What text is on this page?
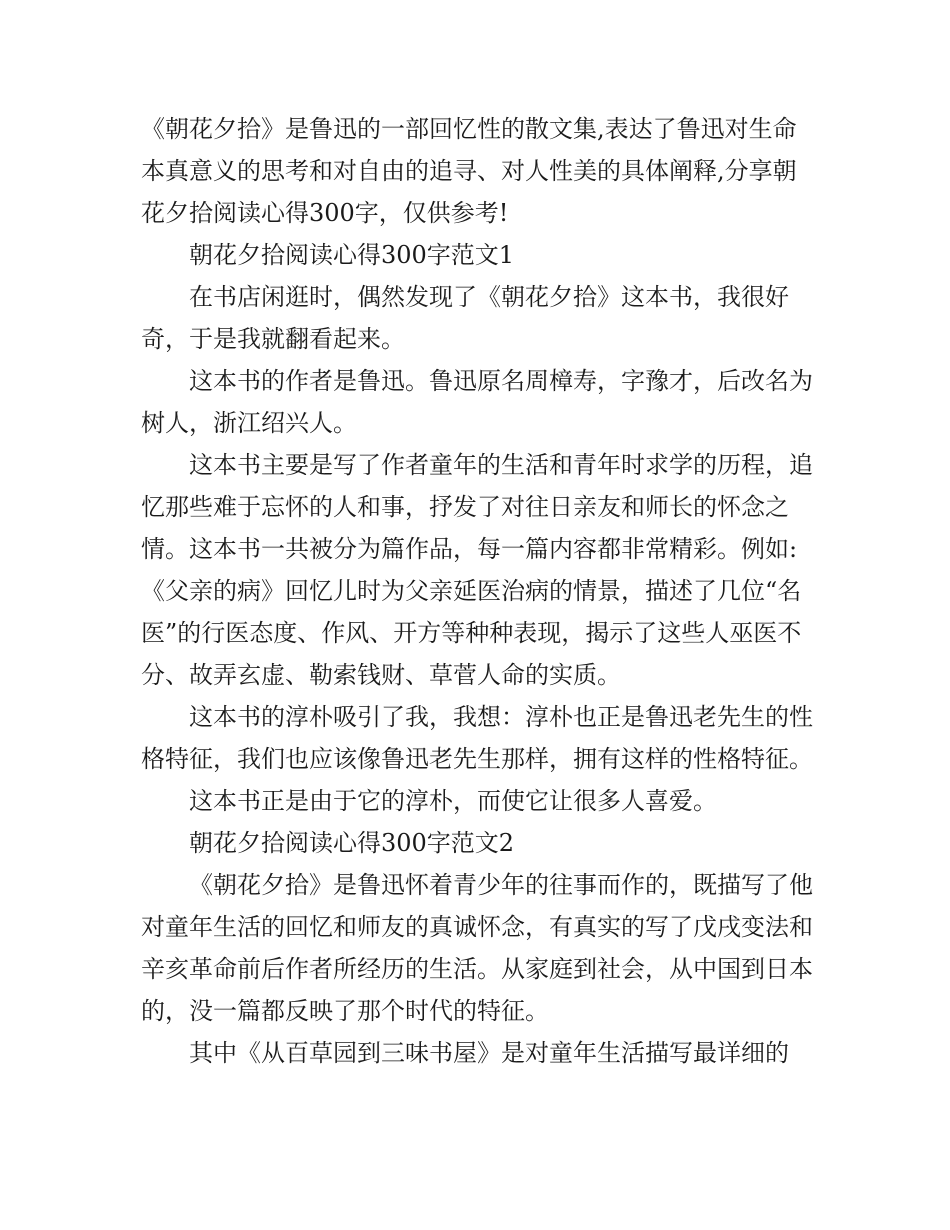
《朝花夕拾》是鲁迅的一部回忆性的散文集,表达了鲁迅对生命本真意义的思考和对自由的追寻、对人性美的具体阐释,分享朝花夕拾阅读心得300字，仅供参考!

朝花夕拾阅读心得300字范文1

在书店闲逛时，偶然发现了《朝花夕拾》这本书，我很好奇，于是我就翻看起来。

这本书的作者是鲁迅。鲁迅原名周樟寿，字豫才，后改名为树人，浙江绍兴人。

这本书主要是写了作者童年的生活和青年时求学的历程，追忆那些难于忘怀的人和事，抒发了对往日亲友和师长的怀念之情。这本书一共被分为篇作品，每一篇内容都非常精彩。例如:《父亲的病》回忆儿时为父亲延医治病的情景，描述了几位“名医”的行医态度、作风、开方等种种表现，揭示了这些人巫医不分、故弄玄虚、勒索钱财、草菅人命的实质。

这本书的淳朴吸引了我，我想：淳朴也正是鲁迅老先生的性格特征，我们也应该像鲁迅老先生那样，拥有这样的性格特征。

这本书正是由于它的淳朴，而使它让很多人喜爱。

朝花夕拾阅读心得300字范文2

《朝花夕拾》是鲁迅怀着青少年的往事而作的，既描写了他对童年生活的回忆和师友的真诚怀念，有真实的写了戊戌变法和辛亥革命前后作者所经历的生活。从家庭到社会，从中国到日本的，没一篇都反映了那个时代的特征。

其中《从百草园到三味书屋》是对童年生活描写最详细的
